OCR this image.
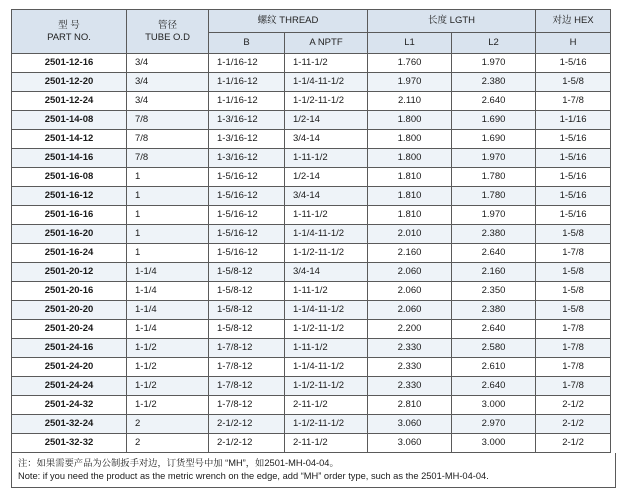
型 号
PART NO.	管径
TUBE O.D	螺纹 THREAD		长度 LGTH		对边 HEX
		B	A NPTF	L1	L2	H
2501-12-16	3/4	1-1/16-12	1-11-1/2	1.760	1.970	1-5/16
2501-12-20	3/4	1-1/16-12	1-1/4-11-1/2	1.970	2.380	1-5/8
2501-12-24	3/4	1-1/16-12	1-1/2-11-1/2	2.110	2.640	1-7/8
2501-14-08	7/8	1-3/16-12	1/2-14	1.800	1.690	1-1/16
2501-14-12	7/8	1-3/16-12	3/4-14	1.800	1.690	1-5/16
2501-14-16	7/8	1-3/16-12	1-11-1/2	1.800	1.970	1-5/16
2501-16-08	1	1-5/16-12	1/2-14	1.810	1.780	1-5/16
2501-16-12	1	1-5/16-12	3/4-14	1.810	1.780	1-5/16
2501-16-16	1	1-5/16-12	1-11-1/2	1.810	1.970	1-5/16
2501-16-20	1	1-5/16-12	1-1/4-11-1/2	2.010	2.380	1-5/8
2501-16-24	1	1-5/16-12	1-1/2-11-1/2	2.160	2.640	1-7/8
2501-20-12	1-1/4	1-5/8-12	3/4-14	2.060	2.160	1-5/8
2501-20-16	1-1/4	1-5/8-12	1-11-1/2	2.060	2.350	1-5/8
2501-20-20	1-1/4	1-5/8-12	1-1/4-11-1/2	2.060	2.380	1-5/8
2501-20-24	1-1/4	1-5/8-12	1-1/2-11-1/2	2.200	2.640	1-7/8
2501-24-16	1-1/2	1-7/8-12	1-11-1/2	2.330	2.580	1-7/8
2501-24-20	1-1/2	1-7/8-12	1-1/4-11-1/2	2.330	2.610	1-7/8
2501-24-24	1-1/2	1-7/8-12	1-1/2-11-1/2	2.330	2.640	1-7/8
2501-24-32	1-1/2	1-7/8-12	2-11-1/2	2.810	3.000	2-1/2
2501-32-24	2	2-1/2-12	1-1/2-11-1/2	3.060	2.970	2-1/2
2501-32-32	2	2-1/2-12	2-11-1/2	3.060	3.000	2-1/2
注：如果需要产品为公制扳手对边，订货型号中加 “MH”，如2501-MH-04-04。
Note: if you need the product as the metric wrench on the edge, add “MH” order type, such as the 2501-MH-04-04.
